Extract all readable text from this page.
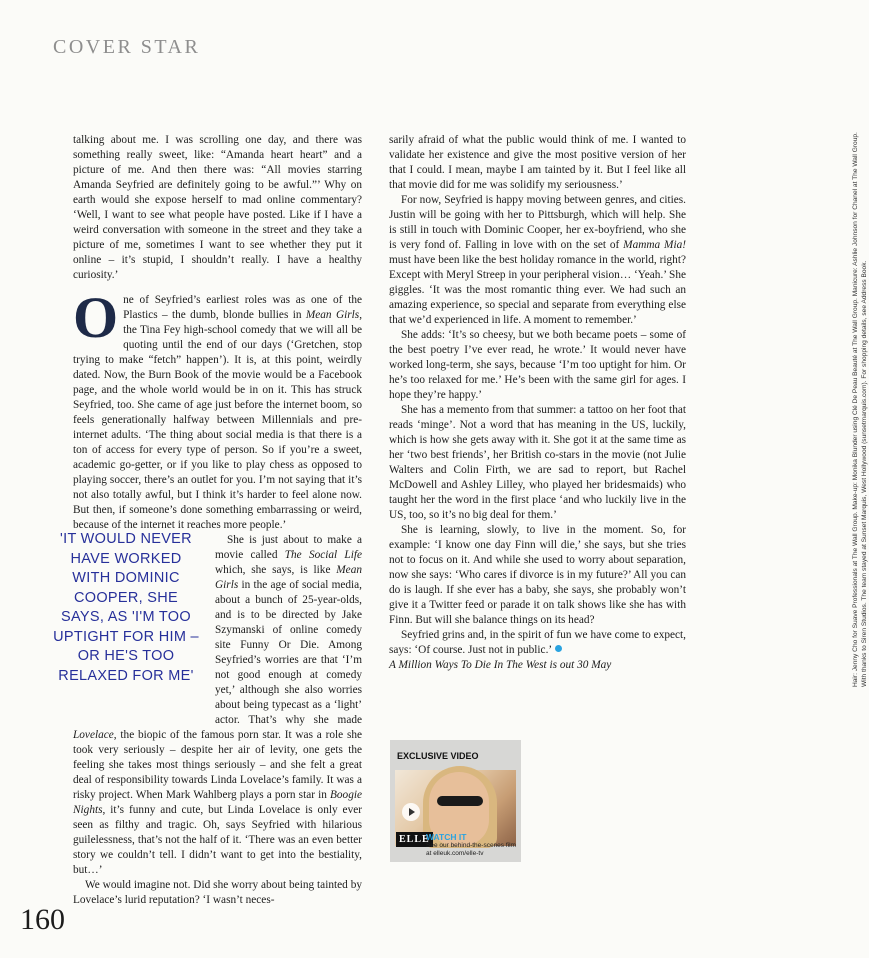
COVER STAR

talking about me. I was scrolling one day, and there was something really sweet, like: “Amanda heart heart” and a picture of me. And then there was: “All movies starring Amanda Seyfried are definitely going to be awful.”’ Why on earth would she expose herself to mad online commentary? ‘Well, I want to see what people have posted. Like if I have a weird conversation with someone in the street and they take a picture of me, sometimes I want to see whether they put it online – it’s stupid, I shouldn’t really. I have a healthy curiosity.’

One of Seyfried’s earliest roles was as one of the Plastics – the dumb, blonde bullies in Mean Girls, the Tina Fey high-school comedy that we will all be quoting until the end of our days (‘Gretchen, stop trying to make “fetch” happen’). It is, at this point, weirdly dated. Now, the Burn Book of the movie would be a Facebook page, and the whole world would be in on it. This has struck Seyfried, too. She came of age just before the internet boom, so feels generationally halfway between Millennials and pre-internet adults. ‘The thing about social media is that there is a ton of access for every type of person. So if you’re a sweet, academic go-getter, or if you like to play chess as opposed to playing soccer, there’s an outlet for you. I’m not saying that it’s not also totally awful, but I think it’s harder to feel alone now. But then, if someone’s done something embarrassing or weird, because of the internet it reaches more people.’

She is just about to make a movie called The Social Life which, she says, is like Mean Girls in the age of social media, about a bunch of 25-year-olds, and is to be directed by Jake Szymanski of online comedy site Funny Or Die. Among Seyfried’s worries are that ‘I’m not good enough at comedy yet,’ although she also worries about being typecast as a ‘light’ actor. That’s why she made Lovelace, the biopic of the famous porn star. It was a role she took very seriously – despite her air of levity, one gets the feeling she takes most things seriously – and she felt a great deal of responsibility towards Linda Lovelace’s family. It was a risky project. When Mark Wahlberg plays a porn star in Boogie Nights, it’s funny and cute, but Linda Lovelace is only ever seen as filthy and tragic. Oh, says Seyfried with hilarious guilelessness, that’s not the half of it. ‘There was an even better story we couldn’t tell. I didn’t want to get into the bestiality, but…’

We would imagine not. Did she worry about being tainted by Lovelace’s lurid reputation? ‘I wasn’t neces-

'IT WOULD NEVER HAVE WORKED WITH DOMINIC COOPER, SHE SAYS, AS 'I'M TOO UPTIGHT FOR HIM – OR HE'S TOO RELAXED FOR ME'

sarily afraid of what the public would think of me. I wanted to validate her existence and give the most positive version of her that I could. I mean, maybe I am tainted by it. But I feel like all that movie did for me was solidify my seriousness.’

For now, Seyfried is happy moving between genres, and cities. Justin will be going with her to Pittsburgh, which will help. She is still in touch with Dominic Cooper, her ex-boyfriend, who she is very fond of. Falling in love with on the set of Mamma Mia! must have been like the best holiday romance in the world, right? Except with Meryl Streep in your peripheral vision… ‘Yeah.’ She giggles. ‘It was the most romantic thing ever. We had such an amazing experience, so special and separate from everything else that we’d experienced in life. A moment to remember.’

She adds: ‘It’s so cheesy, but we both became poets – some of the best poetry I’ve ever read, he wrote.’ It would never have worked long-term, she says, because ‘I’m too uptight for him. Or he’s too relaxed for me.’ He’s been with the same girl for ages. I hope they’re happy.’

She has a memento from that summer: a tattoo on her foot that reads ‘minge’. Not a word that has meaning in the US, luckily, which is how she gets away with it. She got it at the same time as her ‘two best friends’, her British co-stars in the movie (not Julie Walters and Colin Firth, we are sad to report, but Rachel McDowell and Ashley Lilley, who played her bridesmaids) who taught her the word in the first place ‘and who luckily live in the US, too, so it’s no big deal for them.’

She is learning, slowly, to live in the moment. So, for example: ‘I know one day Finn will die,’ she says, but she tries not to focus on it. And while she used to worry about separation, now she says: ‘Who cares if divorce is in my future?’ All you can do is laugh. If she ever has a baby, she says, she probably won’t give it a Twitter feed or parade it on talk shows like she has with Finn. But will she balance things on its head?

Seyfried grins and, in the spirit of fun we have come to expect, says: ‘Of course. Just not in public.’

A Million Ways To Die In The West is out 30 May

EXCLUSIVE VIDEO
ELLE
WATCH IT
See our behind-the-scenes film at elleuk.com/elle-tv
160
Hair: Jenny Cho for Suave Professionals at The Wall Group. Make-up: Monika Blunder using Clé De Peau Beauté at The Wall Group. Manicure: Ashlie Johnson for Chanel at The Wall Group. With thanks to Siren Studios. The team stayed at Sunset Marquis, West Hollywood (sunsetmarquis.com). For shopping details, see Address Book.
